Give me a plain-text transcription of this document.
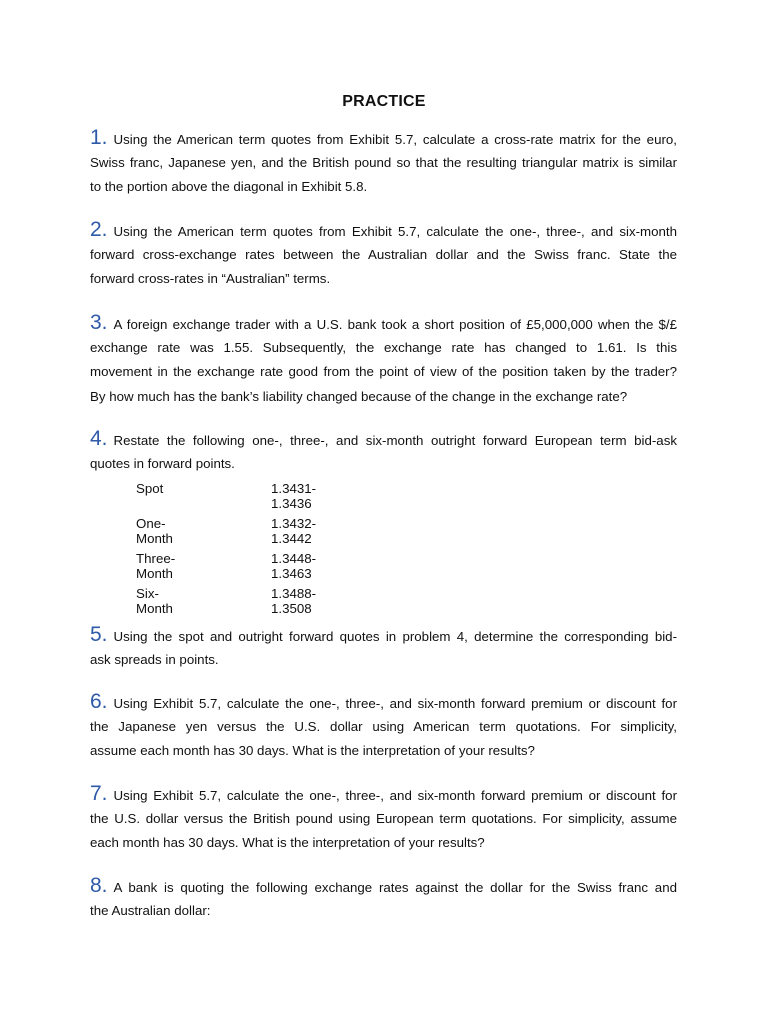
PRACTICE
1. Using the American term quotes from Exhibit 5.7, calculate a cross-rate matrix for the euro,
Swiss franc, Japanese yen, and the British pound so that the resulting triangular matrix is similar
to the portion above the diagonal in Exhibit 5.8.
2. Using the American term quotes from Exhibit 5.7, calculate the one-, three-, and six-month
forward cross-exchange rates between the Australian dollar and the Swiss franc. State the
forward cross-rates in “Australian” terms.
3. A foreign exchange trader with a U.S. bank took a short position of £5,000,000 when the $/£
exchange rate was 1.55. Subsequently, the exchange rate has changed to 1.61. Is this
movement in the exchange rate good from the point of view of the position taken by the trader?
By how much has the bank’s liability changed because of the change in the exchange rate?
4. Restate the following one-, three-, and six-month outright forward European term bid-ask
quotes in forward points.
Spot	1.3431-1.3436
One-Month
1.3432-1.3442
Three-Month
1.3448-1.3463
Six-Month
1.3488-1.3508
5. Using the spot and outright forward quotes in problem 4, determine the corresponding bid-
ask spreads in points.
6. Using Exhibit 5.7, calculate the one-, three-, and six-month forward premium or discount for
the Japanese yen versus the U.S. dollar using American term quotations. For simplicity,
assume each month has 30 days. What is the interpretation of your results?
7. Using Exhibit 5.7, calculate the one-, three-, and six-month forward premium or discount for
the U.S. dollar versus the British pound using European term quotations. For simplicity, assume
each month has 30 days. What is the interpretation of your results?
8. A bank is quoting the following exchange rates against the dollar for the Swiss franc and
the Australian dollar:
